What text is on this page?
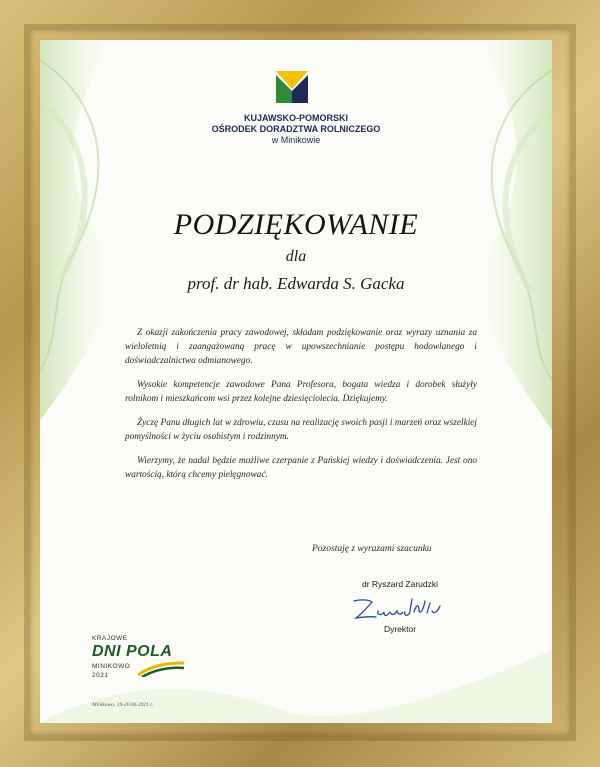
KUJAWSKO-POMORSKI
OŚRODEK DORADZTWA ROLNICZEGO
w Minikowie
PODZIĘKOWANIE
dla
prof. dr hab. Edwarda S. Gacka

Z okazji zakończenia pracy zawodowej, składam podziękowanie oraz wyrazy uznania za wieloletnią i zaangażowaną pracę w upowszechnianie postępu hodowlanego i doświadczalnictwa odmianowego.

Wysokie kompetencje zawodowe Pana Profesora, bogata wiedza i dorobek służyły rolnikom i mieszkańcom wsi przez kolejne dziesięciolecia. Dziękujemy.

Życzę Panu długich lat w zdrowiu, czasu na realizację swoich pasji i marzeń oraz wszelkiej pomyślności w życiu osobistym i rodzinnym.

Wierzymy, że nadal będzie możliwe czerpanie z Pańskiej wiedzy i doświadczenia. Jest ono wartością, którą chcemy pielęgnować.

Pozostaję z wyrazami szacunku
dr Ryszard Zarudzki
Dyrektor
KRAJOWE
DNI POLA
MINIKOWO
2021
Minikowo, 19-20.06.2021 r.
